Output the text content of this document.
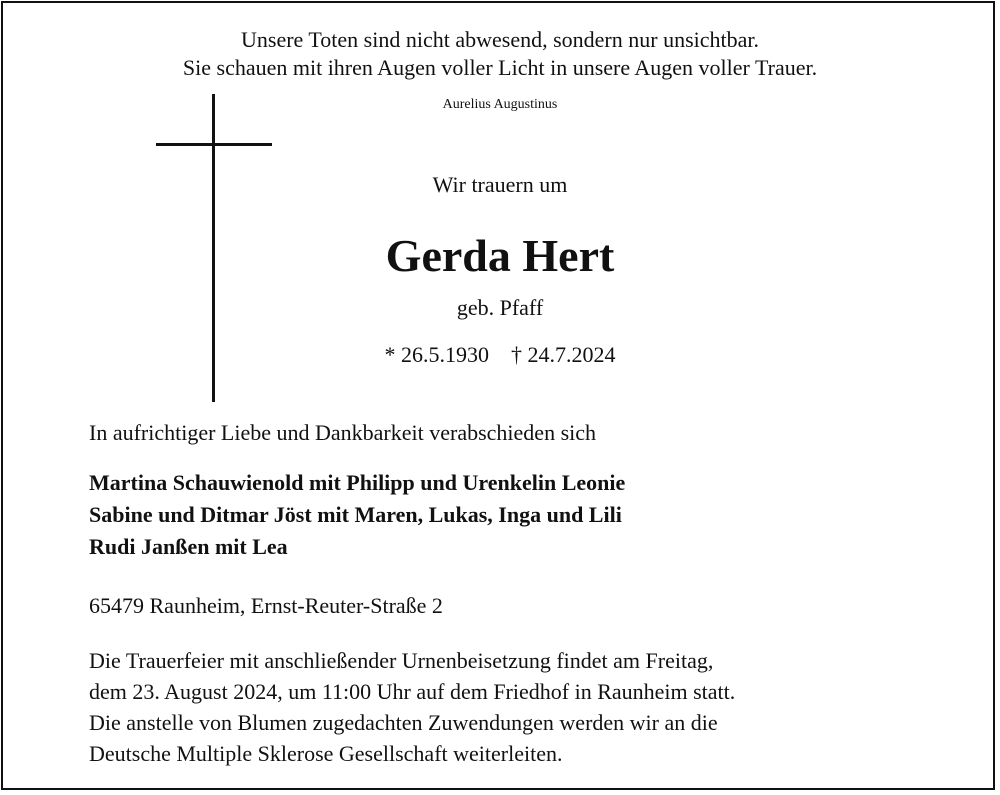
Unsere Toten sind nicht abwesend, sondern nur unsichtbar.
Sie schauen mit ihren Augen voller Licht in unsere Augen voller Trauer.
Aurelius Augustinus
Wir trauern um
Gerda Hert
geb. Pfaff
* 26.5.1930 † 24.7.2024
In aufrichtiger Liebe und Dankbarkeit verabschieden sich
Martina Schauwienold mit Philipp und Urenkelin Leonie
Sabine und Ditmar Jöst mit Maren, Lukas, Inga und Lili
Rudi Janßen mit Lea
65479 Raunheim, Ernst-Reuter-Straße 2
Die Trauerfeier mit anschließender Urnenbeisetzung findet am Freitag,
dem 23. August 2024, um 11:00 Uhr auf dem Friedhof in Raunheim statt.
Die anstelle von Blumen zugedachten Zuwendungen werden wir an die
Deutsche Multiple Sklerose Gesellschaft weiterleiten.
